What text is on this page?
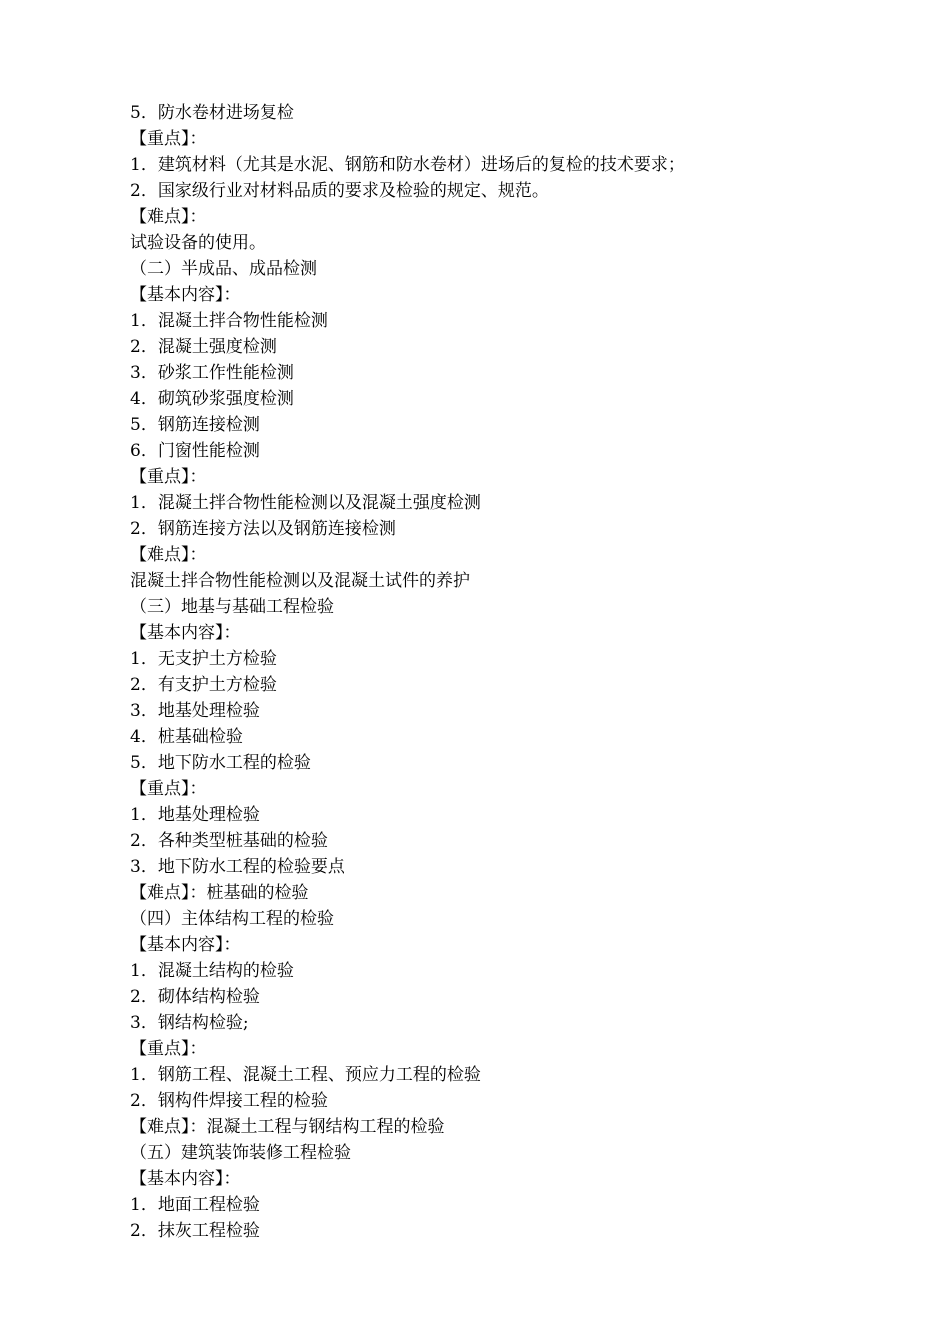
5．防水卷材进场复检
【重点】：
1．建筑材料（尤其是水泥、钢筋和防水卷材）进场后的复检的技术要求；
2．国家级行业对材料品质的要求及检验的规定、规范。
【难点】：
试验设备的使用。
（二）半成品、成品检测
【基本内容】：
1．混凝土拌合物性能检测
2．混凝土强度检测
3．砂浆工作性能检测
4．砌筑砂浆强度检测
5．钢筋连接检测
6．门窗性能检测
【重点】：
1．混凝土拌合物性能检测以及混凝土强度检测
2．钢筋连接方法以及钢筋连接检测
【难点】：
混凝土拌合物性能检测以及混凝土试件的养护
（三）地基与基础工程检验
【基本内容】：
1．无支护土方检验
2．有支护土方检验
3．地基处理检验
4．桩基础检验
5．地下防水工程的检验
【重点】：
1．地基处理检验
2．各种类型桩基础的检验
3．地下防水工程的检验要点
【难点】：桩基础的检验
（四）主体结构工程的检验
【基本内容】：
1．混凝土结构的检验
2．砌体结构检验
3．钢结构检验;
【重点】：
1．钢筋工程、混凝土工程、预应力工程的检验
2．钢构件焊接工程的检验
【难点】：混凝土工程与钢结构工程的检验
（五）建筑装饰装修工程检验
【基本内容】：
1．地面工程检验
2．抹灰工程检验
